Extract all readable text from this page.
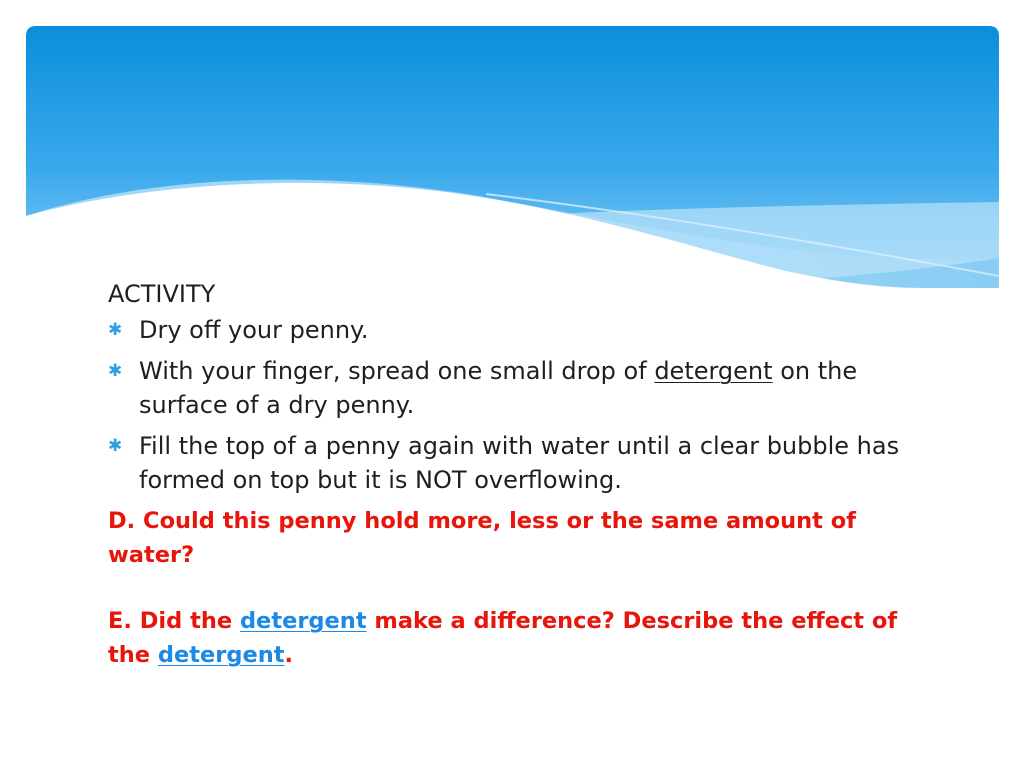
ACTIVITY

✱ Dry off your penny.
✱ With your finger, spread one small drop of detergent on the surface of a dry penny.
✱ Fill the top of a penny again with water until a clear bubble has formed on top but it is NOT overflowing.

D. Could this penny hold more, less or the same amount of water?

E. Did the detergent make a difference? Describe the effect of the detergent.
